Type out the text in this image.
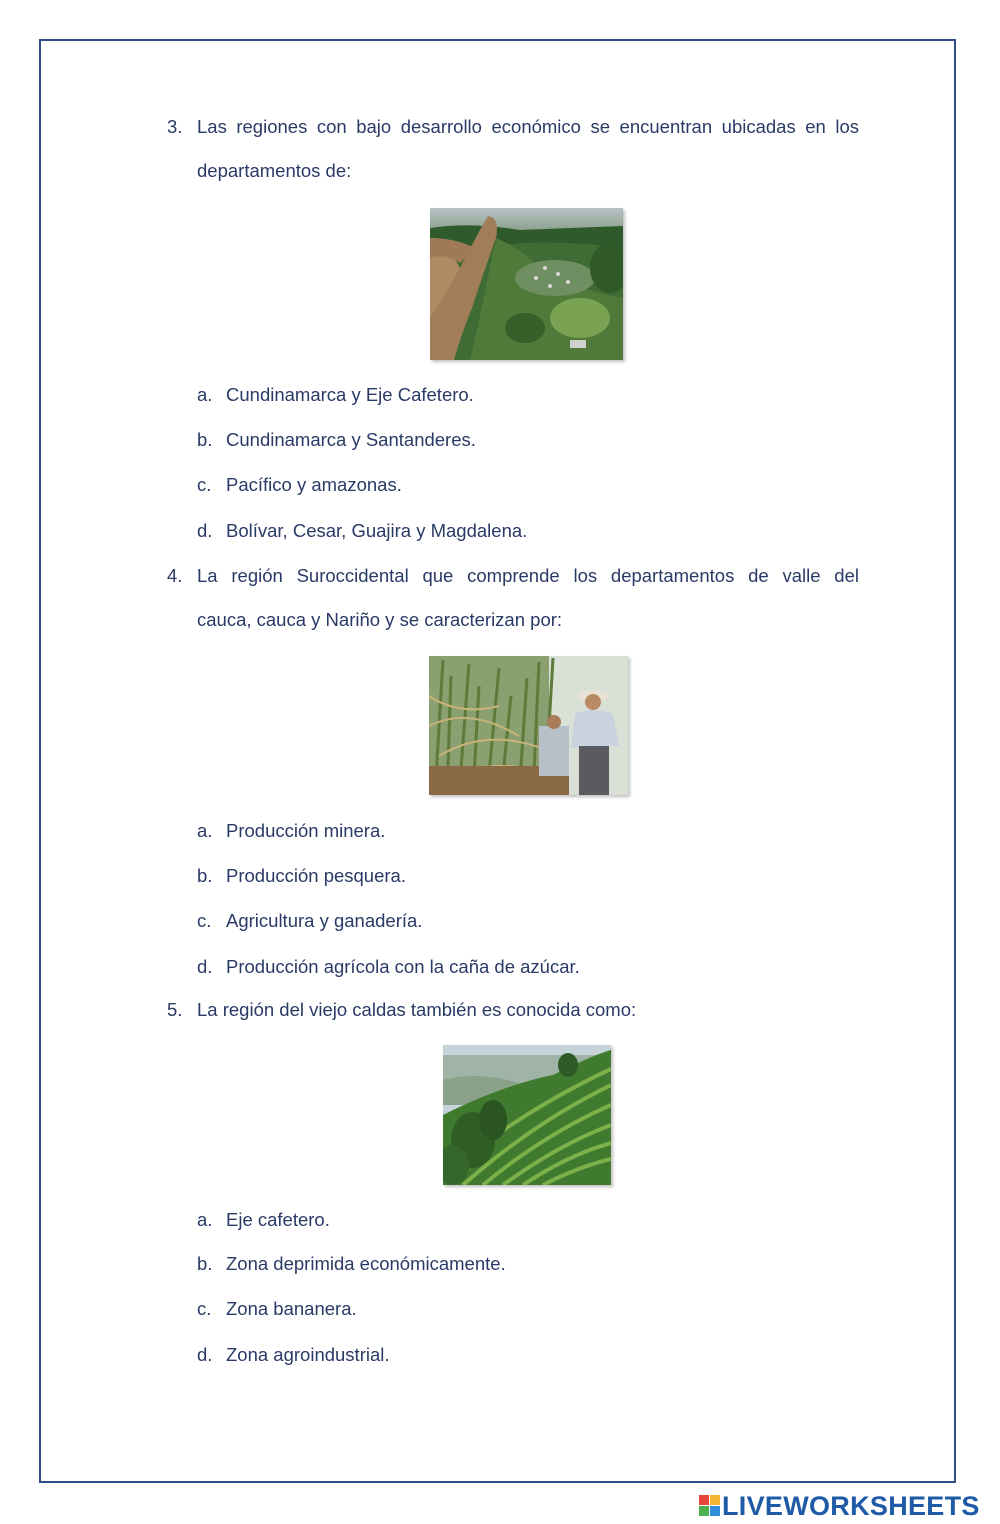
3. Las regiones con bajo desarrollo económico se encuentran ubicadas en los
departamentos de:
a. Cundinamarca y Eje Cafetero.
b. Cundinamarca y Santanderes.
c. Pacífico y amazonas.
d. Bolívar, Cesar, Guajira y Magdalena.
4. La región Suroccidental que comprende los departamentos de valle del
cauca, cauca y Nariño y se caracterizan por:
a. Producción minera.
b. Producción pesquera.
c. Agricultura y ganadería.
d. Producción agrícola con la caña de azúcar.
5. La región del viejo caldas también es conocida como:
a. Eje cafetero.
b. Zona deprimida económicamente.
c. Zona bananera.
d. Zona agroindustrial.
LIVEWORKSHEETS
